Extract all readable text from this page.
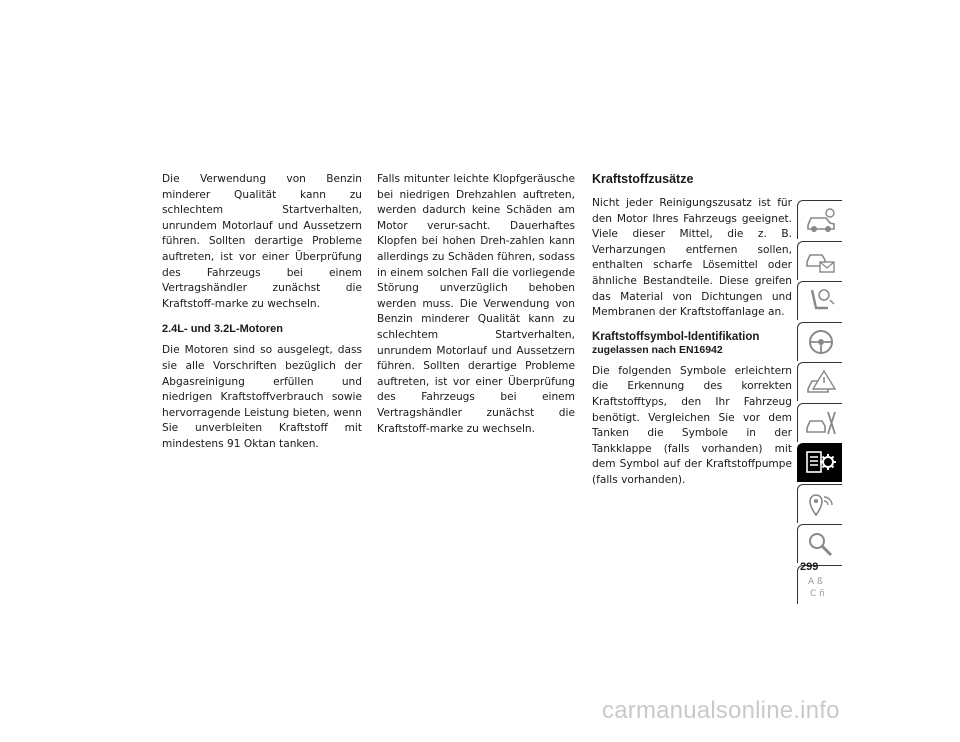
Die Verwendung von Benzin minderer Qualität kann zu schlechtem Startverhalten, unrundem Motorlauf und Aussetzern führen. Sollten derartige Probleme auftreten, ist vor einer Überprüfung des Fahrzeugs bei einem Vertragshändler zunächst die Kraftstoff-marke zu wechseln.

2.4L- und 3.2L-Motoren

Die Motoren sind so ausgelegt, dass sie alle Vorschriften bezüglich der Abgasreinigung erfüllen und niedrigen Kraftstoffverbrauch sowie hervorragende Leistung bieten, wenn Sie unverbleiten Kraftstoff mit mindestens 91 Oktan tanken.

Falls mitunter leichte Klopfgeräusche bei niedrigen Drehzahlen auftreten, werden dadurch keine Schäden am Motor verur-sacht. Dauerhaftes Klopfen bei hohen Dreh-zahlen kann allerdings zu Schäden führen, sodass in einem solchen Fall die vorliegende Störung unverzüglich behoben werden muss. Die Verwendung von Benzin minderer Qualität kann zu schlechtem Startverhalten, unrundem Motorlauf und Aussetzern führen. Sollten derartige Probleme auftreten, ist vor einer Überprüfung des Fahrzeugs bei einem Vertragshändler zunächst die Kraftstoff-marke zu wechseln.

Kraftstoffzusätze

Nicht jeder Reinigungszusatz ist für den Motor Ihres Fahrzeugs geeignet. Viele dieser Mittel, die z. B. Verharzungen entfernen sollen, enthalten scharfe Lösemittel oder ähnliche Bestandteile. Diese greifen das Material von Dichtungen und Membranen der Kraftstoffanlage an.

Kraftstoffsymbol-Identifikation
zugelassen nach EN16942

Die folgenden Symbole erleichtern die Erkennung des korrekten Kraftstofftyps, den Ihr Fahrzeug benötigt. Vergleichen Sie vor dem Tanken die Symbole in der Tankklappe (falls vorhanden) mit dem Symbol auf der Kraftstoffpumpe (falls vorhanden).

A ß
C ñ
299
carmanualsonline.info
